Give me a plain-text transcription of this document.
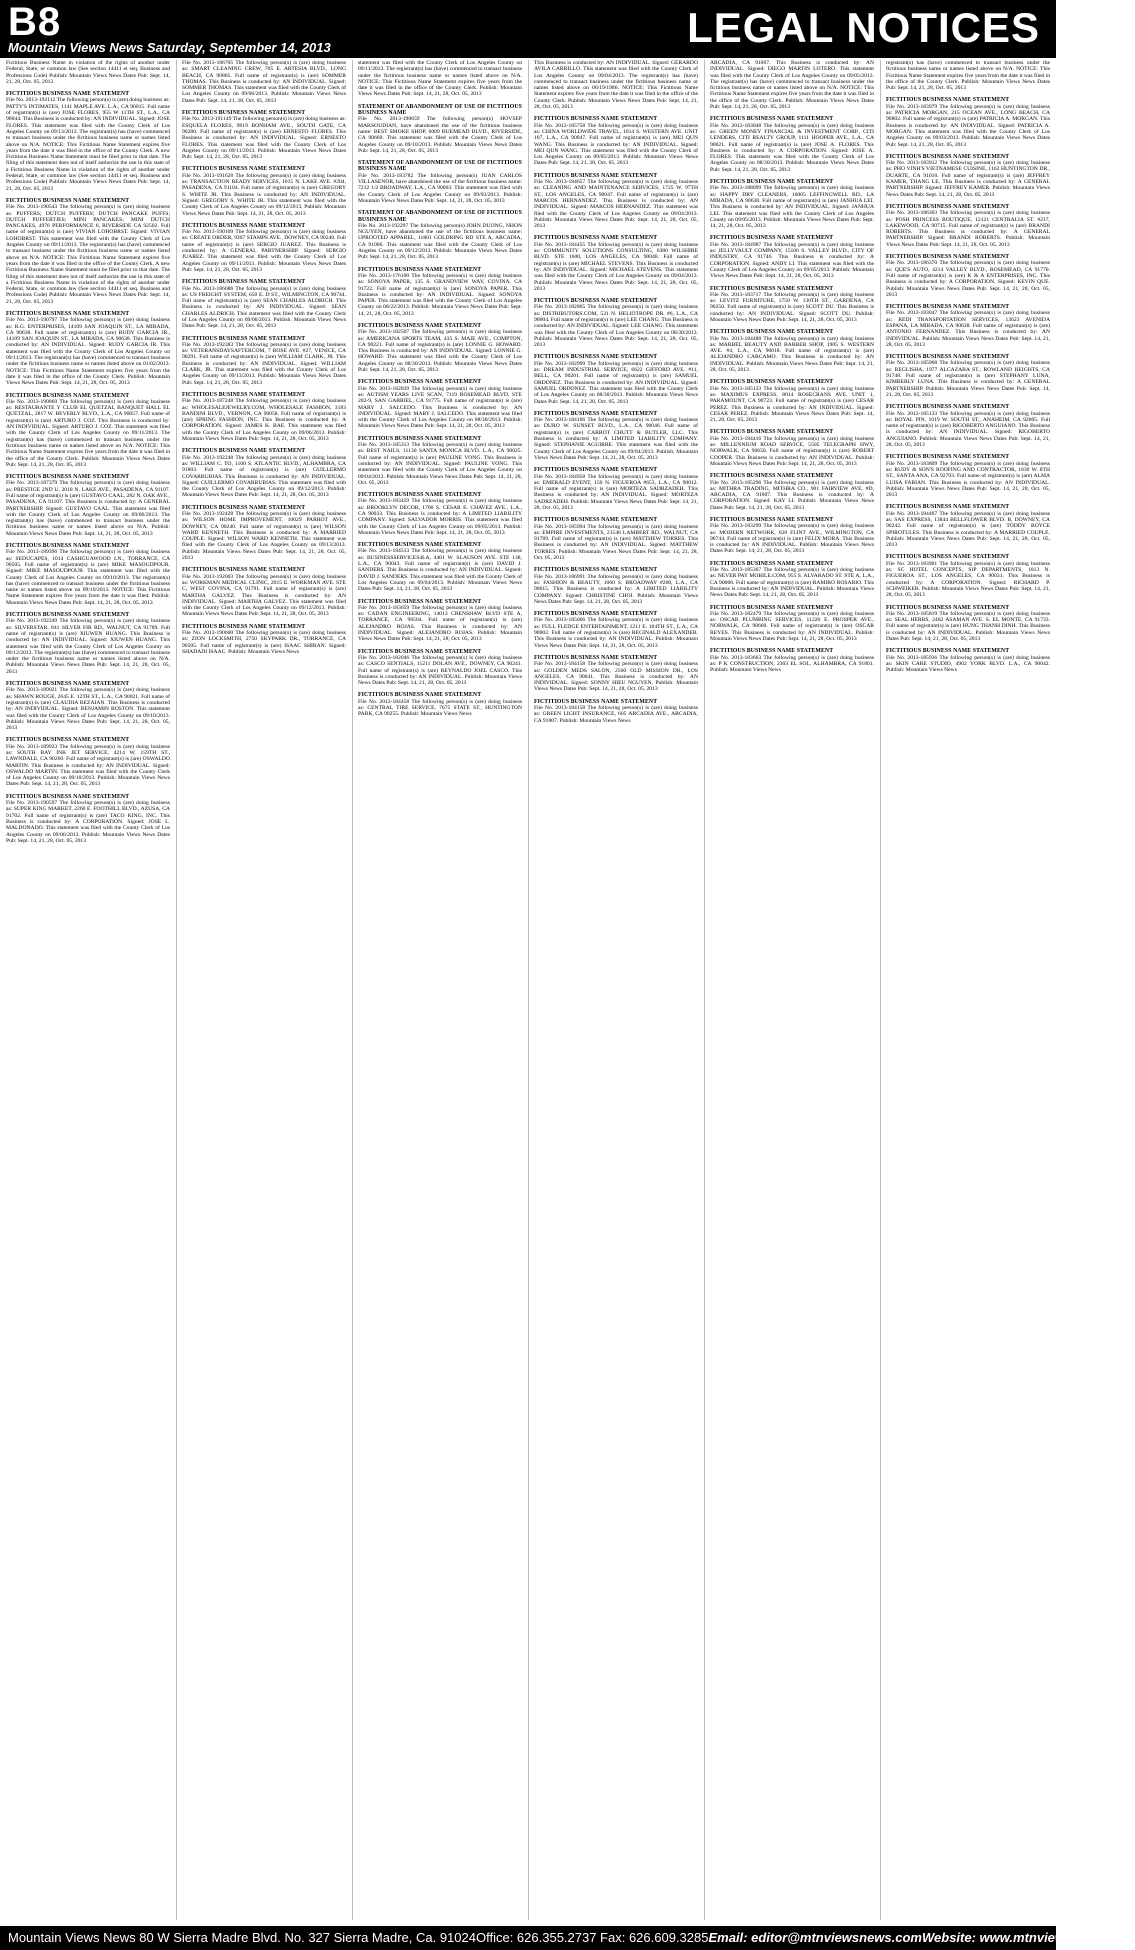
B8	LEGAL NOTICES
Mountain Views News Saturday, September 14, 2013
Fictitious Business Name in violation of the rights of another under Federal, State, or common law (See section 14411 et seq. Business and Professions Code) Publish: Mountain Views News Dates Pub: Sept. 14, 21, 28, Oct. 05, 2013
FICTITIOUS BUSINESS NAME STATEMENT
File No. 2013-192112 The following person(s) is (are) doing business as: PATTY'S INTIMATES, 1141 MAPLE AVE. L.A., CA 90015. Full name of registrant(s) is (are) JOSE FLORES, 955 W 11TH ST., L.A., CA 90044. This Business is conducted by: AN INDIVIDUAL. Signed: JOSE FLORES. This statement was filed with the County Clerk of Los Angeles County on 09/13/2013. The registrant(s) has (have) commenced to transact business under the fictitious business name or names listed above on N/A. NOTICE: This Fictitious Name Statement expires five years from the date it was filed in the office of the County Clerk. A new Fictitious Business Name Statement must be filed prior to that date. The filing of this statement does not of itself authorize the use in this state of a Fictitious Business Name in violation of the rights of another under Federal, State, or common law (See section 14411 et seq. Business and Professions Code) Publish: Mountain Views News Dates Pub: Sept. 14, 21, 28, Oct. 05, 2013
FICTITIOUS BUSINESS NAME STATEMENT
File No. 2013-190543 The following person(s) is (are) doing business as: PUFFERS; DUTCH PUFFERS; DUTCH PANCAKE PUFFS; DUTCH PUFFERTJES; MINI PANCAKES; MINI DUTCH PANCAKES, 4976 PERFORMANCE 6, RIVERSIDE CA 92502. Full name of registrant(s) is (are) VIVIAN LOHOBRST. Signed: VIVIAN LOHOBRST. This statement was filed with the County Clerk of Los Angeles County on 09/11/2013. The registrant(s) has (have) commenced to transact business under the fictitious business name or names listed above on N/A. NOTICE: This Fictitious Name Statement expires five years from the date it was filed in the office of the County Clerk. A new Fictitious Business Name Statement must be filed prior to that date. The filing of this statement does not of itself authorize the use in this state of a Fictitious Business Name in violation of the rights of another under Federal, State, or common law (See section 14411 et seq. Business and Professions Code) Publish: Mountain Views News Dates Pub: Sept. 14, 21, 28, Oct. 05, 2013
FICTITIOUS BUSINESS NAME STATEMENT
File No. 2013-190797 The following person(s) is (are) doing business as: R.G. ENTERPRISES, 14109 SAN JOAQUIN ST., LA MIRADA, CA 90638. Full name of registrant(s) is (are) RUDY GARCIA JR., 14109 SAN JOAQUIN ST., LA MIRADA, CA 90638. This Business is conducted by: AN INDIVIDUAL. Signed: RUDY GARCIA JR. This statement was filed with the County Clerk of Los Angeles County on 09/11/2013. The registrant(s) has (have) commenced to transact business under the fictitious business name or names listed above on 01/02/2013. NOTICE: This Fictitious Name Statement expires five years from the date it was filed in the office of the County Clerk. Publish: Mountain Views News Dates Pub: Sept. 14, 21, 28, Oct. 05, 2013
FICTITIOUS BUSINESS NAME STATEMENT
File No. 2013-190869 The following person(s) is (are) doing business as: RESTAURANTE Y CLUB EL QUETZAL BANQUET HALL EL QUETZAL, 2817 W. BEVERLY BLVD., L.A., CA 90057. Full name of registrant(s) is (are) ARTURO J. COZ. This Business is conducted by: AN INDIVIDUAL. Signed: ARTURO J. COZ. This statement was filed with the County Clerk of Los Angeles County on 09/11/2013. The registrant(s) has (have) commenced to transact business under the fictitious business name or names listed above on N/A. NOTICE: This Fictitious Name Statement expires five years from the date it was filed in the office of the County Clerk. Publish: Mountain Views News Dates Pub: Sept. 14, 21, 28, Oct. 05, 2013
FICTITIOUS BUSINESS NAME STATEMENT
File No. 2013-187379 The following person(s) is (are) doing business as: PRESTIGE 2ND U, 2018 N. LAKE AVE., PASADENA, CA 91107. Full name of registrant(s) is (are) GUSTAVO CAAL, 282 N. OAK AVE., PASADENA, CA 91107. This Business is conducted by: A GENERAL PARTNERSHIP. Signed: GUSTAVO CAAL. This statement was filed with the County Clerk of Los Angeles County on 09/06/2013. The registrant(s) has (have) commenced to transact business under the fictitious business name or names listed above on N/A. Publish: Mountain Views News Dates Pub: Sept. 14, 21, 28, Oct. 05, 2013
FICTITIOUS BUSINESS NAME STATEMENT
File No. 2013-189396 The following person(s) is (are) doing business as: SEDUCAPES, 1014 CASHGUAWOOD LN., TORRANCE, CA 90505. Full name of registrant(s) is (are) MIKE MASOUDPOUR. Signed: MIKE MASOUDPOUR. This statement was filed with the County Clerk of Los Angeles County on 09/10/2013. The registrant(s) has (have) commenced to transact business under the fictitious business name or names listed above on 09/10/2013. NOTICE: This Fictitious Name Statement expires five years from the date it was filed. Publish: Mountain Views News Dates Pub: Sept. 14, 21, 28, Oct. 05, 2013
FICTITIOUS BUSINESS NAME STATEMENT
File No. 2013-192249 The following person(s) is (are) doing business as: SILVERSTAR, 841 SILVER FIR RD., WALNUT, CA 91789. Full name of registrant(s) is (are) XIUWEN HUANG. This Business is conducted by: AN INDIVIDUAL. Signed: XIUWEN HUANG. This statement was filed with the County Clerk of Los Angeles County on 09/12/2013. The registrant(s) has (have) commenced to transact business under the fictitious business name or names listed above on N/A. Publish: Mountain Views News Dates Pub: Sept. 14, 21, 28, Oct. 05, 2013
FICTITIOUS BUSINESS NAME STATEMENT
File No. 2013-189021 The following person(s) is (are) doing business as: SHAWN ROUGE, 2645 E. 12TH ST., L.A., CA 90021. Full name of registrant(s) is (are) CLAUDIA REZAIAN. This Business is conducted by: AN INDIVIDUAL. Signed: BENJAMIN BOSTON. This statement was filed with the County Clerk of Los Angeles County on 09/10/2013. Publish: Mountain Views News Dates Pub: Sept. 14, 21, 28, Oct. 05, 2013
FICTITIOUS BUSINESS NAME STATEMENT
File No. 2013-189923 The following person(s) is (are) doing business as: SOUTH BAY INK JET SERVICE, 4214 W. 159TH ST., LAWNDALE, CA 90260. Full name of registrant(s) is (are) OSWALDO MARTIN. This Business is conducted by: AN INDIVIDUAL. Signed: OSWALDO MARTIN. This statement was filed with the County Clerk of Los Angeles County on 09/10/2013. Publish: Mountain Views News Dates Pub: Sept. 14, 21, 28, Oct. 05, 2013
FICTITIOUS BUSINESS NAME STATEMENT
File No. 2013-190597 The following person(s) is (are) doing business as: SUPER KING MARKET, 2260 E. FOOTHILL BLVD., AZUSA, CA 91702. Full name of registrant(s) is (are) TACO KING, INC. This Business is conducted by: A CORPORATION. Signed: JOSE L. MALDONADO. This statement was filed with the County Clerk of Los Angeles County on 09/06/2013. Publish: Mountain Views News Dates Pub: Sept. 14, 21, 28, Oct. 05, 2013
File No. 2013-186705 The following person(s) is (are) doing business as: SMART CLEANING CREW, 705 E. ARTESIA BLVD., LONG BEACH, CA 90805. Full name of registrant(s) is (are) SOMMER THOMAS. This Business is conducted by: AN INDIVIDUAL. Signed: SOMMER THOMAS. This statement was filed with the County Clerk of Los Angeles County on 09/06/2013. Publish: Mountain Views News Dates Pub: Sept. 14, 21, 28, Oct. 05, 2013
FICTITIOUS BUSINESS NAME STATEMENT
File No. 2013-191149 The following person(s) is (are) doing business as: ESQUELA FLORES, 9819 BONHAM AVE., SOUTH GATE, CA 90280. Full name of registrant(s) is (are) ERNESTO FLORES. This Business is conducted by: AN INDIVIDUAL. Signed: ERNESTO FLORES. This statement was filed with the County Clerk of Los Angeles County on 09/11/2013. Publish: Mountain Views News Dates Pub: Sept. 14, 21, 28, Oct. 05, 2013
FICTITIOUS BUSINESS NAME STATEMENT
File No. 2013-191628 The following person(s) is (are) doing business as: TRANSACTION READY SERVICES, 1015 N. LAKE AVE. #204, PASADENA, CA 91104. Full name of registrant(s) is (are) GREGORY S. WHITE JR. This Business is conducted by: AN INDIVIDUAL. Signed: GREGORY S. WHITE JR. This statement was filed with the County Clerk of Los Angeles County on 09/12/2013. Publish: Mountain Views News Dates Pub: Sept. 14, 21, 28, Oct. 05, 2013
FICTITIOUS BUSINESS NAME STATEMENT
File No. 2013-190109 The following person(s) is (are) doing business as: CREATE ORDER, 9207 STAMPS AVE., DOWNEY, CA 90240. Full name of registrant(s) is (are) SERGIO JUAREZ. This Business is conducted by: A GENERAL PARTNERSHIP. Signed: SERGIO JUAREZ. This statement was filed with the County Clerk of Los Angeles County on 09/11/2013. Publish: Mountain Views News Dates Pub: Sept. 14, 21, 28, Oct. 05, 2013
FICTITIOUS BUSINESS NAME STATEMENT
File No. 2013-186686 The following person(s) is (are) doing business as: US FREIGHT SYSTEM, 650 E. D ST., WILMINGTON, CA 90744. Full name of registrant(s) is (are) SEAN CHARLES ALDRICH. This Business is conducted by: AN INDIVIDUAL. Signed: SEAN CHARLES ALDRICH. This statement was filed with the County Clerk of Los Angeles County on 09/06/2013. Publish: Mountain Views News Dates Pub: Sept. 14, 21, 28, Oct. 05, 2013
FICTITIOUS BUSINESS NAME STATEMENT
File No. 2013-192383 The following person(s) is (are) doing business as: VETERANSDAYSAFTERCOM, 7 ROSE AVE. #27, VENICE, CA 90291. Full name of registrant(s) is (are) WILLIAM CLARK, JR. This Business is conducted by: AN INDIVIDUAL. Signed: WILLIAM CLARK, JR. This statement was filed with the County Clerk of Los Angeles County on 09/13/2013. Publish: Mountain Views News Dates Pub: Sept. 14, 21, 28, Oct. 05, 2013
FICTITIOUS BUSINESS NAME STATEMENT
File No. 2013-187248 The following person(s) is (are) doing business as: WHOLESALEJEWELRY.COM, WHOLESALE FASHION, 3183 BANDINI BLVD., VERNON, CA 90058. Full name of registrant(s) is (are) SPRING FASHION, INC. This Business is conducted by: A CORPORATION. Signed: JAMES K. BAE. This statement was filed with the County Clerk of Los Angeles County on 09/06/2013. Publish: Mountain Views News Dates Pub: Sept. 14, 21, 28, Oct. 05, 2013
FICTITIOUS BUSINESS NAME STATEMENT
File No. 2013-192248 The following person(s) is (are) doing business as: WILLIAM C. TO, 1100 S. ATLANTIC BLVD., ALHAMBRA, CA 91803. Full name of registrant(s) is (are) GUILLERMO COVARRUBIAS. This Business is conducted by: AN INDIVIDUAL. Signed: GUILLERMO COVARRUBIAS. This statement was filed with the County Clerk of Los Angeles County on 09/12/2013. Publish: Mountain Views News Dates Pub: Sept. 14, 21, 28, Oct. 05, 2013
FICTITIOUS BUSINESS NAME STATEMENT
File No. 2013-192428 The following person(s) is (are) doing business as: WILSON HOME IMPROVEMENT, 10029 PARROT AVE., DOWNEY, CA 90240. Full name of registrant(s) is (are) WILSON WARD KENNETH. This Business is conducted by: A MARRIED COUPLE. Signed: WILSON WARD KENNETH. This statement was filed with the County Clerk of Los Angeles County on 09/13/2013. Publish: Mountain Views News Dates Pub: Sept. 14, 21, 28, Oct. 05, 2013
FICTITIOUS BUSINESS NAME STATEMENT
File No. 2013-192003 The following person(s) is (are) doing business as: WORKMAN MEDICAL CLINIC, 2015 E. WORKMAN AVE. STE C, WEST COVINA, CA 91791. Full name of registrant(s) is (are) MARTHA GALVEZ. This Business is conducted by: AN INDIVIDUAL. Signed: MARTHA GALVEZ. This statement was filed with the County Clerk of Los Angeles County on 09/12/2013. Publish: Mountain Views News Dates Pub: Sept. 14, 21, 28, Oct. 05, 2013
FICTITIOUS BUSINESS NAME STATEMENT
File No. 2013-190600 The following person(s) is (are) doing business as: ZION LOCKSMITH, 2750 SKYPARK DR., TORRANCE, CA 90505. Full name of registrant(s) is (are) ISAAC SHIRAN. Signed: SHADADI ISAAC. Publish: Mountain Views News
statement was filed with the County Clerk of Los Angeles County on 09/11/2013. The registrant(s) has (have) commenced to transact business under the fictitious business name or names listed above on N/A. NOTICE: This Fictitious Name Statement expires five years from the date it was filed in the office of the County Clerk. Publish: Mountain Views News Dates Pub: Sept. 14, 21, 28, Oct. 05, 2013
STATEMENT OF ABANDONMENT OF USE OF FICTITIOUS BUSINESS NAME
File No. 2013-190659 The following person(s) HOVSEP MAKSOUDIAN, have abandoned the use of the fictitious business name: BEST SMOKE SHOP, 6009 BUEMEAD BLVD., RIVERSIDE, CA 90660. This statement was filed with the County Clerk of Los Angeles County on 09/10/2013. Publish: Mountain Views News Dates Pub: Sept. 14, 21, 28, Oct. 05, 2013
STATEMENT OF ABANDONMENT OF USE OF FICTITIOUS BUSINESS NAME
File No. 2013-183782 The following person(s) JUAN CARLOS VILLASENOR, have abandoned the use of the fictitious business name: 7212 1/2 BROADWAY, L.A., CA 90003. This statement was filed with the County Clerk of Los Angeles County on 09/03/2013. Publish: Mountain Views News Dates Pub: Sept. 14, 21, 28, Oct. 05, 2013
STATEMENT OF ABANDONMENT OF USE OF FICTITIOUS BUSINESS NAME
File No. 2013-192297 The following person(s) JOHN DUONG, NHON NGUYEN, have abandoned the use of the fictitious business name: UPROOTED APPAREL, 11801 GOLDRING RD STE A, ARCADIA, CA 91006. This statement was filed with the County Clerk of Los Angeles County on 09/12/2013. Publish: Mountain Views News Dates Pub: Sept. 14, 21, 28, Oct. 05, 2013
FICTITIOUS BUSINESS NAME STATEMENT
File No. 2013-176100 The following person(s) is (are) doing business as: SONOYA PAPER, 135 S. GRANDVIEW WAY, COVINA, CA 91722. Full name of registrant(s) is (are) SONOYA PAPER. This Business is conducted by: AN INDIVIDUAL. Signed: SONOYA PAPER. This statement was filed with the County Clerk of Los Angeles County on 08/22/2013. Publish: Mountain Views News Dates Pub: Sept. 14, 21, 28, Oct. 05, 2013
FICTITIOUS BUSINESS NAME STATEMENT
File No. 2013-182507 The following person(s) is (are) doing business as: AMERICANA SPORTS TEAM, 435 S. MAIE AVE., COMPTON, CA 90221. Full name of registrant(s) is (are) LONNIE G. HOWARD. This Business is conducted by: AN INDIVIDUAL. Signed: LONNIE G. HOWARD. This statement was filed with the County Clerk of Los Angeles County on 08/30/2013. Publish: Mountain Views News Dates Pub: Sept. 14, 21, 28, Oct. 05, 2013
FICTITIOUS BUSINESS NAME STATEMENT
File No. 2013-182839 The following person(s) is (are) doing business as: AUTISM YEARS LIVE SCAN, 7119 ROSEMEAD BLVD. STE 202-9, SAN GABRIEL, CA 91775. Full name of registrant(s) is (are) MARY J. SALCEDO. This Business is conducted by: AN INDIVIDUAL. Signed: MARY J. SALCEDO. This statement was filed with the County Clerk of Los Angeles County on 08/30/2013. Publish: Mountain Views News Dates Pub: Sept. 14, 21, 28, Oct. 05, 2013
FICTITIOUS BUSINESS NAME STATEMENT
File No. 2013-185313 The following person(s) is (are) doing business as: BEST NAILS, 11130 SANTA MONICA BLVD. L.A., CA 90025. Full name of registrant(s) is (are) PAULINE VONG. This Business is conducted by: AN INDIVIDUAL. Signed: PAULINE VONG. This statement was filed with the County Clerk of Los Angeles County on 09/04/2013. Publish: Mountain Views News Dates Pub: Sept. 14, 21, 28, Oct. 05, 2013
FICTITIOUS BUSINESS NAME STATEMENT
File No. 2013-183459 The following person(s) is (are) doing business as: BROOKLYN DECOR, 1700 S. CESAR E. CHAVEZ AVE., L.A., CA 90033. This Business is conducted by: A LIMITED LIABILITY COMPANY. Signed: SALVADOR MORRIS. This statement was filed with the County Clerk of Los Angeles County on 09/05/2013. Publish: Mountain Views News Dates Pub: Sept. 14, 21, 28, Oct. 05, 2013
FICTITIOUS BUSINESS NAME STATEMENT
File No. 2013-184513 The following person(s) is (are) doing business as: BUSINESSSERVICES4LA, 4401 W. SLAUSON AVE. STE 138, L.A., CA 90043. Full name of registrant(s) is (are) DAVID J. SANDERS. This Business is conducted by: AN INDIVIDUAL. Signed: DAVID J. SANDERS. This statement was filed with the County Clerk of Los Angeles County on 09/04/2013. Publish: Mountain Views News Dates Pub: Sept. 14, 21, 28, Oct. 05, 2013
FICTITIOUS BUSINESS NAME STATEMENT
File No. 2013-183659 The following person(s) is (are) doing business as: CADAN ENGINEERING, 14013 CRENSHAW BLVD STE A, TORRANCE, CA 90504. Full name of registrant(s) is (are) ALEJANDRO ROJAS. This Business is conducted by: AN INDIVIDUAL. Signed: ALEJANDRO ROJAS. Publish: Mountain Views News Dates Pub: Sept. 14, 21, 28, Oct. 05, 2013
FICTITIOUS BUSINESS NAME STATEMENT
File No. 2013-182046 The following person(s) is (are) doing business as: CASCO SENTIALS, 11211 DOLAN AVE., DOWNEY, CA 90241. Full name of registrant(s) is (are) REYNALDO JOEL CASCO. This Business is conducted by: AN INDIVIDUAL. Publish: Mountain Views News Dates Pub: Sept. 14, 21, 28, Oct. 05, 2013
FICTITIOUS BUSINESS NAME STATEMENT
File No. 2013-184458 The following person(s) is (are) doing business as: CENTRAL TIRE SERVICE, 7675 STATE ST., HUNTINGTON PARK, CA 90255. Publish: Mountain Views News
This Business is conducted by: AN INDIVIDUAL. Signed: GERARDO AVILA CARRILLO. This statement was filed with the County Clerk of Los Angeles County on 09/04/2013. The registrant(s) has (have) commenced to transact business under the fictitious business name or names listed above on 06/19/1986. NOTICE: This Fictitious Name Statement expires five years from the date it was filed in the office of the County Clerk. Publish: Mountain Views News Dates Pub: Sept. 14, 21, 28, Oct. 05, 2013
FICTITIOUS BUSINESS NAME STATEMENT
File No. 2013-185758 The following person(s) is (are) doing business as: CHINA WORLDWIDE TRAVEL, 1014 S. WESTERN AVE. UNIT 107, L.A., CA 90047. Full name of registrant(s) is (are) MEI QUN WANG. This Business is conducted by: AN INDIVIDUAL. Signed: MEI QUN WANG. This statement was filed with the County Clerk of Los Angeles County on 09/05/2013. Publish: Mountain Views News Dates Pub: Sept. 14, 21, 28, Oct. 05, 2013
FICTITIOUS BUSINESS NAME STATEMENT
File No. 2013-184657 The following person(s) is (are) doing business as: CLEANING AND MAINTENANCE SERVICES, 1725 W. 97TH ST., LOS ANGELES, CA 90047. Full name of registrant(s) is (are) MARCOS HERNANDEZ. This Business is conducted by: AN INDIVIDUAL. Signed: MARCOS HERNANDEZ. This statement was filed with the County Clerk of Los Angeles County on 09/04/2013. Publish: Mountain Views News Dates Pub: Sept. 14, 21, 28, Oct. 05, 2013
FICTITIOUS BUSINESS NAME STATEMENT
File No. 2013-184455 The following person(s) is (are) doing business as: COMMUNITY SOLUTIONS CONSULTING, 6380 WILSHIRE BLVD. STE 1600, LOS ANGELES, CA 90048. Full name of registrant(s) is (are) MICHAEL STEVENS. This Business is conducted by: AN INDIVIDUAL. Signed: MICHAEL STEVENS. This statement was filed with the County Clerk of Los Angeles County on 09/04/2013. Publish: Mountain Views News Dates Pub: Sept. 14, 21, 28, Oct. 05, 2013
FICTITIOUS BUSINESS NAME STATEMENT
File No. 2013-182865 The following person(s) is (are) doing business as: DISTRIBUTORS.COM, 531 N. HELIOTROPE DR. #6, L.A., CA 90004. Full name of registrant(s) is (are) LEE CHANG. This Business is conducted by: AN INDIVIDUAL. Signed: LEE CHANG. This statement was filed with the County Clerk of Los Angeles County on 08/30/2013. Publish: Mountain Views News Dates Pub: Sept. 14, 21, 28, Oct. 05, 2013
FICTITIOUS BUSINESS NAME STATEMENT
File No. 2013-182999 The following person(s) is (are) doing business as: DREAM INDUSTRIAL SERVICE, 6622 GIFFORD AVE. #11, BELL, CA 90201. Full name of registrant(s) is (are) SAMUEL ORDONEZ. This Business is conducted by: AN INDIVIDUAL. Signed: SAMUEL ORDONEZ. This statement was filed with the County Clerk of Los Angeles County on 08/30/2013. Publish: Mountain Views News Dates Pub: Sept. 14, 21, 28, Oct. 05, 2013
FICTITIOUS BUSINESS NAME STATEMENT
File No. 2013-184166 The following person(s) is (are) doing business as: DURO W. SUNSET BLVD., L.A., CA 90046. Full name of registrant(s) is (are) CARROT CHUTT & BUTLER, LLC. This Business is conducted by: A LIMITED LIABILITY COMPANY. Signed: STEPHANIE AGUIRRE. This statement was filed with the County Clerk of Los Angeles County on 09/04/2013. Publish: Mountain Views News Dates Pub: Sept. 14, 21, 28, Oct. 05, 2013
FICTITIOUS BUSINESS NAME STATEMENT
File No. 2013-184958 The following person(s) is (are) doing business as: EMERALD EVENT, 150 N. FIGUEROA #653, L.A., CA 90012. Full name of registrant(s) is (are) MORTEZA SADRZADEH. This Business is conducted by: AN INDIVIDUAL. Signed: MORTEZA SADRZADEH. Publish: Mountain Views News Dates Pub: Sept. 14, 21, 28, Oct. 05, 2013
FICTITIOUS BUSINESS NAME STATEMENT
File No. 2013-185994 The following person(s) is (are) doing business as: EMPIRE INVESTMENTS, 21546 LAMBERT RD., WALNUT, CA 91789. Full name of registrant(s) is (are) MATTHEW TORRES. This Business is conducted by: AN INDIVIDUAL. Signed: MATTHEW TORRES. Publish: Mountain Views News Dates Pub: Sept. 14, 21, 28, Oct. 05, 2013
FICTITIOUS BUSINESS NAME STATEMENT
File No. 2013-186991 The following person(s) is (are) doing business as: FASHION & BEAUTY, 1060 S. BROADWAY #200, L.A., CA 90015. This Business is conducted by: A LIMITED LIABILITY COMPANY. Signed: CHRISTINE CHOI. Publish: Mountain Views News Dates Pub: Sept. 14, 21, 28, Oct. 05, 2013
FICTITIOUS BUSINESS NAME STATEMENT
File No. 2013-185066 The following person(s) is (are) doing business as: FULL FLEDGE ENTERTAINMENT, 1211 E. 104TH ST., L.A., CA 90002. Full name of registrant(s) is (are) REGINALD ALEXANDER. This Business is conducted by: AN INDIVIDUAL. Publish: Mountain Views News Dates Pub: Sept. 14, 21, 28, Oct. 05, 2013
FICTITIOUS BUSINESS NAME STATEMENT
File No. 2013-184158 The following person(s) is (are) doing business as: GOLDEN MEDS SALON, 2560 OLD MISSION DR., LOS ANGELES, CA 90041. This Business is conducted by: AN INDIVIDUAL. Signed: SONNY HIEU NGUYEN. Publish: Mountain Views News Dates Pub: Sept. 14, 21, 28, Oct. 05, 2013
FICTITIOUS BUSINESS NAME STATEMENT
File No. 2013-184158 The following person(s) is (are) doing business as: GREEN LIGHT INSURANCE, 605 ARCADIA AVE., ARCADIA, CA 91007. Publish: Mountain Views News
ARCADIA, CA 91007. This Business is conducted by: AN INDIVIDUAL. Signed: DIEGO MARTIN LOTERO. This statement was filed with the County Clerk of Los Angeles County on 09/05/2013. The registrant(s) has (have) commenced to transact business under the fictitious business name or names listed above on N/A. NOTICE: This Fictitious Name Statement expires five years from the date it was filed in the office of the County Clerk. Publish: Mountain Views News Dates Pub: Sept. 14, 21, 28, Oct. 05, 2013
FICTITIOUS BUSINESS NAME STATEMENT
File No. 2013-183048 The following person(s) is (are) doing business as: GREEN MONEY FINANCIAL & INVESTMENT CORP., CITI LENDERS, CITI REALTY GROUP, 1111 HOOPER AVE., L.A., CA 90021. Full name of registrant(s) is (are) JOSE A. FLORES. This Business is conducted by: A CORPORATION. Signed: JOSE A. FLORES. This statement was filed with the County Clerk of Los Angeles County on 08/30/2013. Publish: Mountain Views News Dates Pub: Sept. 14, 21, 28, Oct. 05, 2013
FICTITIOUS BUSINESS NAME STATEMENT
File No. 2013-188099 The following person(s) is (are) doing business as: HAPPY DRY CLEANERS, 16005 LEFFINGWELL RD., LA MIRADA, CA 90638. Full name of registrant(s) is (are) JANHUA LEI. This Business is conducted by: AN INDIVIDUAL. Signed: JANHUA LEI. This statement was filed with the County Clerk of Los Angeles County on 09/05/2013. Publish: Mountain Views News Dates Pub: Sept. 14, 21, 28, Oct. 05, 2013
FICTITIOUS BUSINESS NAME STATEMENT
File No. 2013-184987 The following person(s) is (are) doing business as: JELLYVAULT COMPANY, 15106 S. VALLEY BLVD., CITY OF INDUSTRY, CA 91746. This Business is conducted by: A CORPORATION. Signed: ANDY LI. This statement was filed with the County Clerk of Los Angeles County on 09/05/2013. Publish: Mountain Views News Dates Pub: Sept. 14, 21, 28, Oct. 05, 2013
FICTITIOUS BUSINESS NAME STATEMENT
File No. 2013-183717 The following person(s) is (are) doing business as: LEVITZ FURNITURE, 1750 W. 130TH ST., GARDENA, CA 90250. Full name of registrant(s) is (are) SCOTT DU. This Business is conducted by: AN INDIVIDUAL. Signed: SCOTT DU. Publish: Mountain Views News Dates Pub: Sept. 14, 21, 28, Oct. 05, 2013
FICTITIOUS BUSINESS NAME STATEMENT
File No. 2013-184488 The following person(s) is (are) doing business as: MARBEL BEAUTY AND BARBER SHOP, 1905 S. WESTERN AVE. #4, L.A., CA 90018. Full name of registrant(s) is (are) ALEJANDRO CARCAMO. This Business is conducted by: AN INDIVIDUAL. Publish: Mountain Views News Dates Pub: Sept. 14, 21, 28, Oct. 05, 2013
FICTITIOUS BUSINESS NAME STATEMENT
File No. 2013-185133 The following person(s) is (are) doing business as: MAXIMUS EXPRESS, 8014 ROSECRANS AVE. UNIT 1, PARAMOUNT, CA 90723. Full name of registrant(s) is (are) CESAR PEREZ. This Business is conducted by: AN INDIVIDUAL. Signed: CESAR PEREZ. Publish: Mountain Views News Dates Pub: Sept. 14, 21, 28, Oct. 05, 2013
FICTITIOUS BUSINESS NAME STATEMENT
File No. 2013-184416 The following person(s) is (are) doing business as: MILLENNIUM ROAD SERVICE, 5505 TELEGRAPH HWY, NORWALK, CA 90650. Full name of registrant(s) is (are) ROBERT COOPER. This Business is conducted by: AN INDIVIDUAL. Publish: Mountain Views News Dates Pub: Sept. 14, 21, 28, Oct. 05, 2013
FICTITIOUS BUSINESS NAME STATEMENT
File No. 2013-185296 The following person(s) is (are) doing business as: MITHRA TRADING, MITHRA CO., 901 FAIRVIEW AVE. #D, ARCADIA, CA 91007. This Business is conducted by: A CORPORATION. Signed: KAY LI. Publish: Mountain Views News Dates Pub: Sept. 14, 21, 28, Oct. 05, 2013
FICTITIOUS BUSINESS NAME STATEMENT
File No. 2013-183299 The following person(s) is (are) doing business as: MODERN NETWORK, 620 FLINT AVE., WILMINGTON, CA 90744. Full name of registrant(s) is (are) FELIX MORA. This Business is conducted by: AN INDIVIDUAL. Publish: Mountain Views News Dates Pub: Sept. 14, 21, 28, Oct. 05, 2013
FICTITIOUS BUSINESS NAME STATEMENT
File No. 2013-185367 The following person(s) is (are) doing business as: NEVER PAY MOBILE.COM, 955 S. ALVARADO ST. STE A, L.A., CA 90006. Full name of registrant(s) is (are) RAMIRO ROSARIO. This Business is conducted by: AN INDIVIDUAL. Publish: Mountain Views News Dates Pub: Sept. 14, 21, 28, Oct. 05, 2013
FICTITIOUS BUSINESS NAME STATEMENT
File No. 2013-182479 The following person(s) is (are) doing business as: OSCAR PLUMBING SERVICES, 11226 E. PROSPER AVE., NORWALK, CA 90660. Full name of registrant(s) is (are) OSCAR REYES. This Business is conducted by: AN INDIVIDUAL. Publish: Mountain Views News Dates Pub: Sept. 14, 21, 28, Oct. 05, 2013
FICTITIOUS BUSINESS NAME STATEMENT
File No. 2013-183663 The following person(s) is (are) doing business as: P K CONSTRUCTION, 2303 EL SOL, ALHAMBRA, CA 91801. Publish: Mountain Views News
registrant(s) has (have) commenced to transact business under the fictitious business name or names listed above on N/A. NOTICE: This Fictitious Name Statement expires five years from the date it was filed in the office of the County Clerk. Publish: Mountain Views News Dates Pub: Sept. 14, 21, 28, Oct. 05, 2013
FICTITIOUS BUSINESS NAME STATEMENT
File No. 2013-183979 The following person(s) is (are) doing business as: PATRICIA MORGAN, 215 OCEAN AVE., LONG BEACH, CA 90802. Full name of registrant(s) is (are) PATRICIA A. MORGAN. This Business is conducted by: AN INDIVIDUAL. Signed: PATRICIA A. MORGAN. This statement was filed with the County Clerk of Los Angeles County on 09/03/2013. Publish: Mountain Views News Dates Pub: Sept. 14, 21, 28, Oct. 05, 2013
FICTITIOUS BUSINESS NAME STATEMENT
File No. 2013-183912 The following person(s) is (are) doing business as: PHO VINH'S VIETNAMESE CUISINE, 1162 HUNTINGTON DR., DUARTE, CA 91010. Full name of registrant(s) is (are) JEFFREY KAMER, THANG LE. This Business is conducted by: A GENERAL PARTNERSHIP. Signed: JEFFREY KAMER. Publish: Mountain Views News Dates Pub: Sept. 14, 21, 28, Oct. 05, 2013
FICTITIOUS BUSINESS NAME STATEMENT
File No. 2013-186363 The following person(s) is (are) doing business as: POSH PRINCESS BOUTIQUE, 12121 CENTRALIA ST. #217, LAKEWOOD, CA 90715. Full name of registrant(s) is (are) BRANDI ROBERTS. This Business is conducted by: A GENERAL PARTNERSHIP. Signed: BRANDI ROBERTS. Publish: Mountain Views News Dates Pub: Sept. 14, 21, 28, Oct. 05, 2013
FICTITIOUS BUSINESS NAME STATEMENT
File No. 2013-186370 The following person(s) is (are) doing business as: QUE'S AUTO, 4214 VALLEY BLVD., ROSEMEAD, CA 91770. Full name of registrant(s) is (are) K & A ENTERPRISES, INC. This Business is conducted by: A CORPORATION. Signed: KEVIN QUE. Publish: Mountain Views News Dates Pub: Sept. 14, 21, 28, Oct. 05, 2013
FICTITIOUS BUSINESS NAME STATEMENT
File No. 2013-183047 The following person(s) is (are) doing business as: REDI TRANSPORTATION SERVICES, 13623 AVENIDA ESPANA, LA MIRADA, CA 90638. Full name of registrant(s) is (are) ANTONIO FERNANDEZ. This Business is conducted by: AN INDIVIDUAL. Publish: Mountain Views News Dates Pub: Sept. 14, 21, 28, Oct. 05, 2013
FICTITIOUS BUSINESS NAME STATEMENT
File No. 2013-185968 The following person(s) is (are) doing business as: REGLISHA, 1977 ALCAZABA ST., ROWLAND HEIGHTS, CA 91748. Full name of registrant(s) is (are) STEPHANY LUNA, KIMBERLY LUNA. This Business is conducted by: A GENERAL PARTNERSHIP. Publish: Mountain Views News Dates Pub: Sept. 14, 21, 28, Oct. 05, 2013
FICTITIOUS BUSINESS NAME STATEMENT
File No. 2013-185133 The following person(s) is (are) doing business as: ROYAL PIN, 1019 W. SOUTH ST., ANAHEIM, CA 92805. Full name of registrant(s) is (are) RIGOBERTO ANGUIANO. This Business is conducted by: AN INDIVIDUAL. Signed: RIGOBERTO ANGUIANO. Publish: Mountain Views News Dates Pub: Sept. 14, 21, 28, Oct. 05, 2013
FICTITIOUS BUSINESS NAME STATEMENT
File No. 2013-183809 The following person(s) is (are) doing business as: RUDY & SON'S ROOFING AND CONTRACTOR, 1830 W. 8TH ST., SANTA ANA, CA 92703. Full name of registrant(s) is (are) ALMA LUISA FABIAN. This Business is conducted by: AN INDIVIDUAL. Publish: Mountain Views News Dates Pub: Sept. 14, 21, 28, Oct. 05, 2013
FICTITIOUS BUSINESS NAME STATEMENT
File No. 2013-184467 The following person(s) is (are) doing business as: SAS EXPRESS, 13844 BELLFLOWER BLVD. B, DOWNEY, CA 90242. Full name of registrant(s) is (are) TODDY ROYCE SPIROTULES. This Business is conducted by: A MARRIED COUPLE. Publish: Mountain Views News Dates Pub: Sept. 14, 21, 28, Oct. 05, 2013
FICTITIOUS BUSINESS NAME STATEMENT
File No. 2013-183901 The following person(s) is (are) doing business as: SC HOTEL CONCEPTS, SIP DEPARTMENTS, 1813 N. FIGUEROA ST., LOS ANGELES, CA 90031. This Business is conducted by: A CORPORATION. Signed: RICHARD P. SCHWEIKER. Publish: Mountain Views News Dates Pub: Sept. 14, 21, 28, Oct. 05, 2013
FICTITIOUS BUSINESS NAME STATEMENT
File No. 2013-185819 The following person(s) is (are) doing business as: SEAL HERBS, 2462 ASAMAN AVE. S. EL MONTE, CA 91733. Full name of registrant(s) is (are) HUNG THANH DINH. This Business is conducted by: AN INDIVIDUAL. Publish: Mountain Views News Dates Pub: Sept. 14, 21, 28, Oct. 05, 2013
FICTITIOUS BUSINESS NAME STATEMENT
File No. 2013-185936 The following person(s) is (are) doing business as: SKIN CARE STUDIO, 4902 YORK BLVD. L.A., CA 90042. Publish: Mountain Views News
Mountain Views News 80 W Sierra Madre Blvd. No. 327 Sierra Madre, Ca. 91024 Office: 626.355.2737 Fax: 626.609.3285 Email: editor@mtnviewsnews.com Website: www.mtnviewsnews.com
